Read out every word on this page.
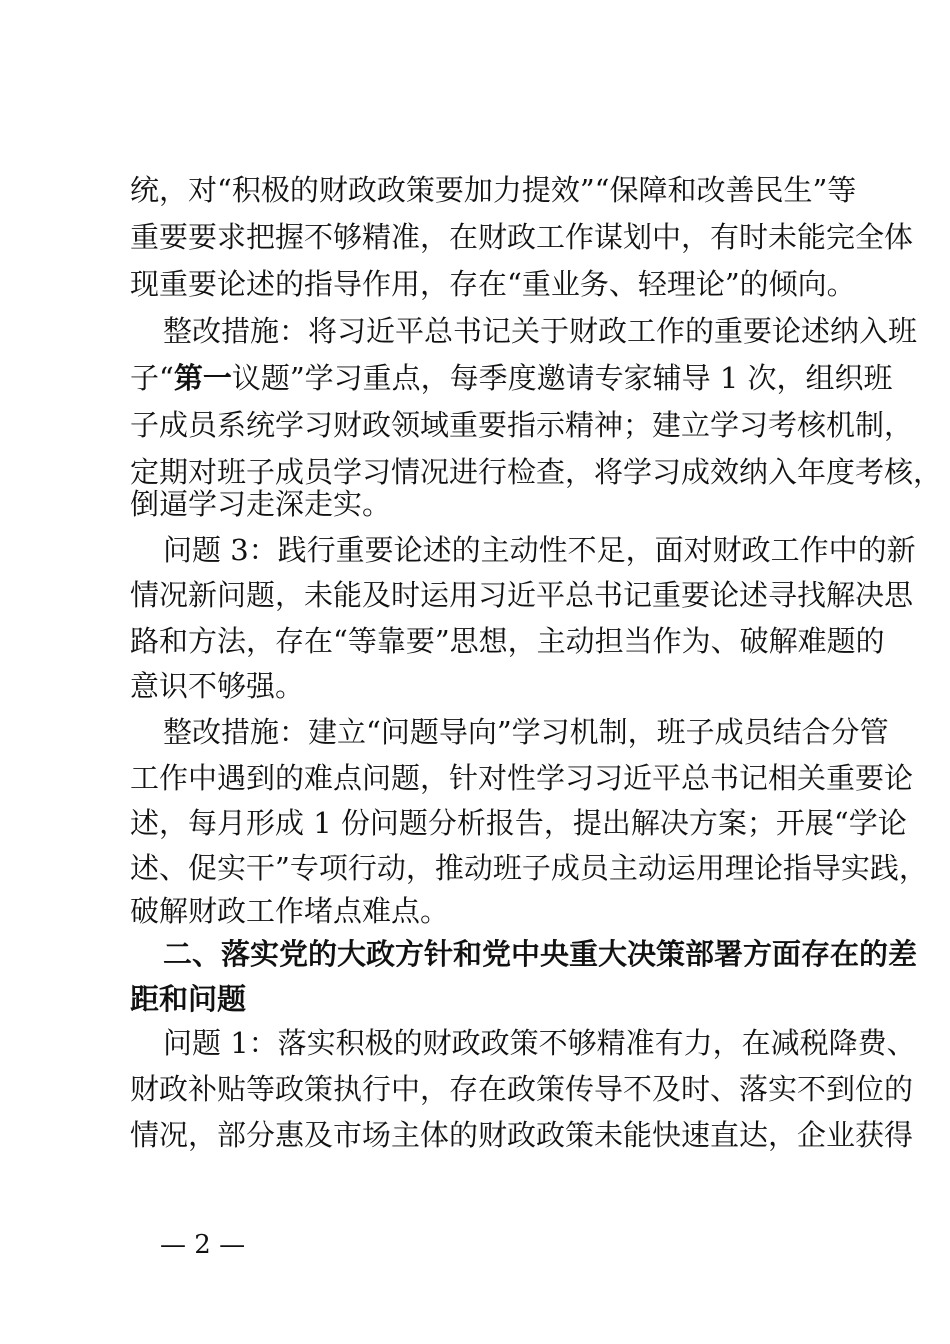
统，对“积极的财政政策要加力提效”“保障和改善民生”等
重要要求把握不够精准，在财政工作谋划中，有时未能完全体
现重要论述的指导作用，存在“重业务、轻理论”的倾向。
整改措施：将习近平总书记关于财政工作的重要论述纳入班
子“第一议题”学习重点，每季度邀请专家辅导 1 次，组织班
子成员系统学习财政领域重要指示精神；建立学习考核机制，
定期对班子成员学习情况进行检查，将学习成效纳入年度考核，
倒逼学习走深走实。
问题 3：践行重要论述的主动性不足，面对财政工作中的新
情况新问题，未能及时运用习近平总书记重要论述寻找解决思
路和方法，存在“等靠要”思想，主动担当作为、破解难题的
意识不够强。
整改措施：建立“问题导向”学习机制，班子成员结合分管
工作中遇到的难点问题，针对性学习习近平总书记相关重要论
述，每月形成 1 份问题分析报告，提出解决方案；开展“学论
述、促实干”专项行动，推动班子成员主动运用理论指导实践，
破解财政工作堵点难点。
二、落实党的大政方针和党中央重大决策部署方面存在的差
距和问题
问题 1：落实积极的财政政策不够精准有力，在减税降费、
财政补贴等政策执行中，存在政策传导不及时、落实不到位的
情况，部分惠及市场主体的财政政策未能快速直达，企业获得
— 2 —
